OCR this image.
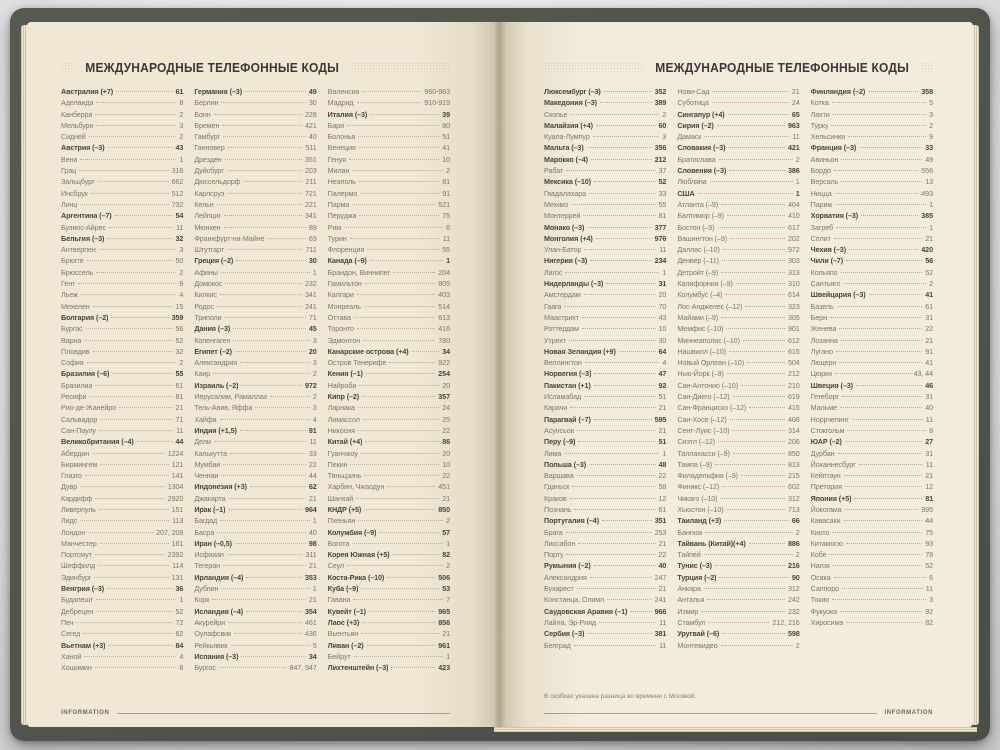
МЕЖДУНАРОДНЫЕ ТЕЛЕФОННЫЕ КОДЫ
Австралия (+7)	61
Аделаида	8
Канберра	2
Мельбурн	3
Сидней	2
Австрия (–3)	43
Вена	1
Грац	316
Зальцбург	662
Инсбрук	512
Линц	732
Аргентина (–7)	54
Буэнос-Айрес	11
Бельгия (–3)	32
Антверпен	3
Брюгге	50
Брюссель	2
Гент	9
Льеж	4
Мехелен	15
Болгария (–2)	359
Бургас	56
Варна	52
Пловдив	32
София	2
Бразилия (–6)	55
Бразилиа	61
Ресифи	81
Рио-де-Жанейро	21
Сальвадор	71
Сан-Паулу	11
Великобритания (–4)	44
Абердин	1224
Бирмингем	121
Глазго	141
Дувр	1304
Кардифф	2920
Ливерпуль	151
Лидс	113
Лондон	207, 208
Манчестер	161
Портсмут	2392
Шеффилд	114
Эдинбург	131
Венгрия (–3)	36
Будапешт	1
Дебрецен	52
Печ	72
Сегед	62
Вьетнам (+3)	84
Ханой	4
Хошимин	8
Германия (–3)	49
Берлин	30
Бонн	228
Бремен	421
Гамбург	40
Ганновер	511
Дрезден	351
Дуйсбург	203
Дюссельдорф	211
Карлсруэ	721
Кельн	221
Лейпциг	341
Мюнхен	89
Франкфурт-на-Майне	69
Штутгарт	711
Греция (–2)	30
Афины	1
Домокос	232
Килкис	341
Родос	241
Триполи	71
Дания (–3)	45
Копенгаген	3
Египет (–2)	20
Александрия	3
Каир	2
Израиль (–2)	972
Иерусалим, Рамаллах	2
Тель-Авив, Яффа	3
Хайфа	4
Индия (+1,5)	91
Дели	11
Калькутта	33
Мумбаи	22
Ченнаи	44
Индонезия (+3)	62
Джакарта	21
Ирак (–1)	964
Багдад	1
Басра	40
Иран (–0,5)	98
Исфахан	311
Тегеран	21
Ирландия (–4)	353
Дублин	1
Корк	21
Исландия (–4)	354
Акурейри	461
Оулафсвик	436
Рейкьявик	5
Испания (–3)	34
Бургос	847, 947
Валенсия	960-963
Мадрид	910-919
Италия (–3)	39
Бари	80
Болонья	51
Венеция	41
Генуя	10
Милан	2
Неаполь	81
Палермо	91
Парма	521
Перуджа	75
Рим	6
Турин	11
Флоренция	55
Канада (–9)	1
Брандон, Виннипег	204
Гамильтон	905
Калгари	403
Монреаль	514
Оттава	613
Торонто	416
Эдмонтон	780
Канарские острова (+4)	34
Остров Тенерифе	922
Кения (–1)	254
Найроби	20
Кипр (–2)	357
Ларнака	24
Лимассол	25
Никосия	22
Китай (+4)	86
Гуанчжоу	20
Пекин	10
Тяньцзинь	22
Харбин, Чжаодун	451
Шанхай	21
КНДР (+5)	850
Пхеньян	2
Колумбия (–9)	57
Богота	1
Корея Южная (+5)	82
Сеул	2
Коста-Рика (–10)	506
Куба (–9)	53
Гавана	7
Кувейт (–1)	965
Лаос (+3)	856
Вьентьян	21
Ливан (–2)	961
Бейрут	1
Лихтенштейн (–3)	423
INFORMATION
МЕЖДУНАРОДНЫЕ ТЕЛЕФОННЫЕ КОДЫ
Люксембург (–3)	352
Македония (–3)	389
Скопье	2
Малайзия (+4)	60
Куала-Лумпур	3
Мальта (–3)	356
Марокко (–4)	212
Рабат	37
Мексика (–10)	52
Гвадалахара	33
Мехико	55
Монтеррей	81
Монако (–3)	377
Монголия (+4)	976
Улан-Батор	11
Нигерия (–3)	234
Лагос	1
Нидерланды (–3)	31
Амстердам	20
Гаага	70
Маастрихт	43
Роттердам	10
Утрехт	30
Новая Зеландия (+9)	64
Веллингтон	4
Норвегия (–3)	47
Пакистан (+1)	92
Исламабад	51
Карачи	21
Парагвай (–7)	595
Асунсьон	21
Перу (–9)	51
Лима	1
Польша (–3)	48
Варшава	22
Гданьск	58
Краков	12
Познань	61
Португалия (–4)	351
Брага	253
Лиссабон	21
Порту	22
Румыния (–2)	40
Александрия	247
Бухарест	21
Констанца, Олимп	241
Саудовская Аравия (–1)	966
Лайла, Эр-Рияд	11
Сербия (–3)	381
Белград	11
Нови-Сад	21
Суботица	24
Сингапур (+4)	65
Сирия (–2)	963
Дамаск	11
Словакия (–3)	421
Братислава	2
Словения (–3)	386
Любляна	1
США	1
Атланта (–9)	404
Балтимор (–9)	410
Бостон (–9)	617
Вашингтон (–9)	202
Даллас (–10)	972
Денвер (–11)	303
Детройт (–9)	313
Калифорния (–9)	310
Колумбус (–4)	614
Лос-Анджелес (–12)	323
Майами (–9)	305
Мемфис (–10)	901
Миннеаполис (–10)	612
Нашвилл (–10)	615
Новый Орлеан (–10)	504
Нью-Йорк (–9)	212
Сан-Антонио (–10)	210
Сан-Диего (–12)	619
Сан-Франциско (–12)	415
Сан-Хосе (–12)	408
Сент-Луис (–10)	314
Сиэтл (–12)	206
Таллахасси (–9)	850
Тампа (–9)	813
Филадельфия (–9)	215
Финикс (–12)	602
Чикаго (–10)	312
Хьюстон (–10)	713
Таиланд (+3)	66
Бангкок	2
Тайвань (Китай)(+4)	886
Тайпей	2
Тунис (–3)	216
Турция (–2)	90
Анкара	312
Анталья	242
Измир	232
Стамбул	212, 216
Уругвай (–6)	598
Монтевидео	2
Финляндия (–2)	358
Котка	5
Лахти	3
Турку	2
Хельсинки	9
Франция (–3)	33
Авиньон	49
Бордо	556
Версаль	13
Ницца	493
Париж	1
Хорватия (–3)	385
Загреб	1
Сплит	21
Чехия (–3)	420
Чили (–7)	56
Копьяпо	52
Сантьяго	2
Швейцария (–3)	41
Базель	61
Берн	31
Женева	22
Лозанна	21
Лугано	91
Люцерн	41
Цюрих	43, 44
Швеция (–3)	46
Гетеборг	31
Мальме	40
Норрчепинг	11
Стокгольм	8
ЮАР (–2)	27
Дурбан	31
Йоханнесбург	11
Кейптаун	21
Претория	12
Япония (+5)	81
Йокогама	995
Кавасаки	44
Киото	75
Китакюсю	93
Кобе	78
Нагоя	52
Осака	6
Саппоро	11
Токио	3
Фукуока	92
Хиросима	82
В скобках указана разница во времени с Москвой.
INFORMATION
